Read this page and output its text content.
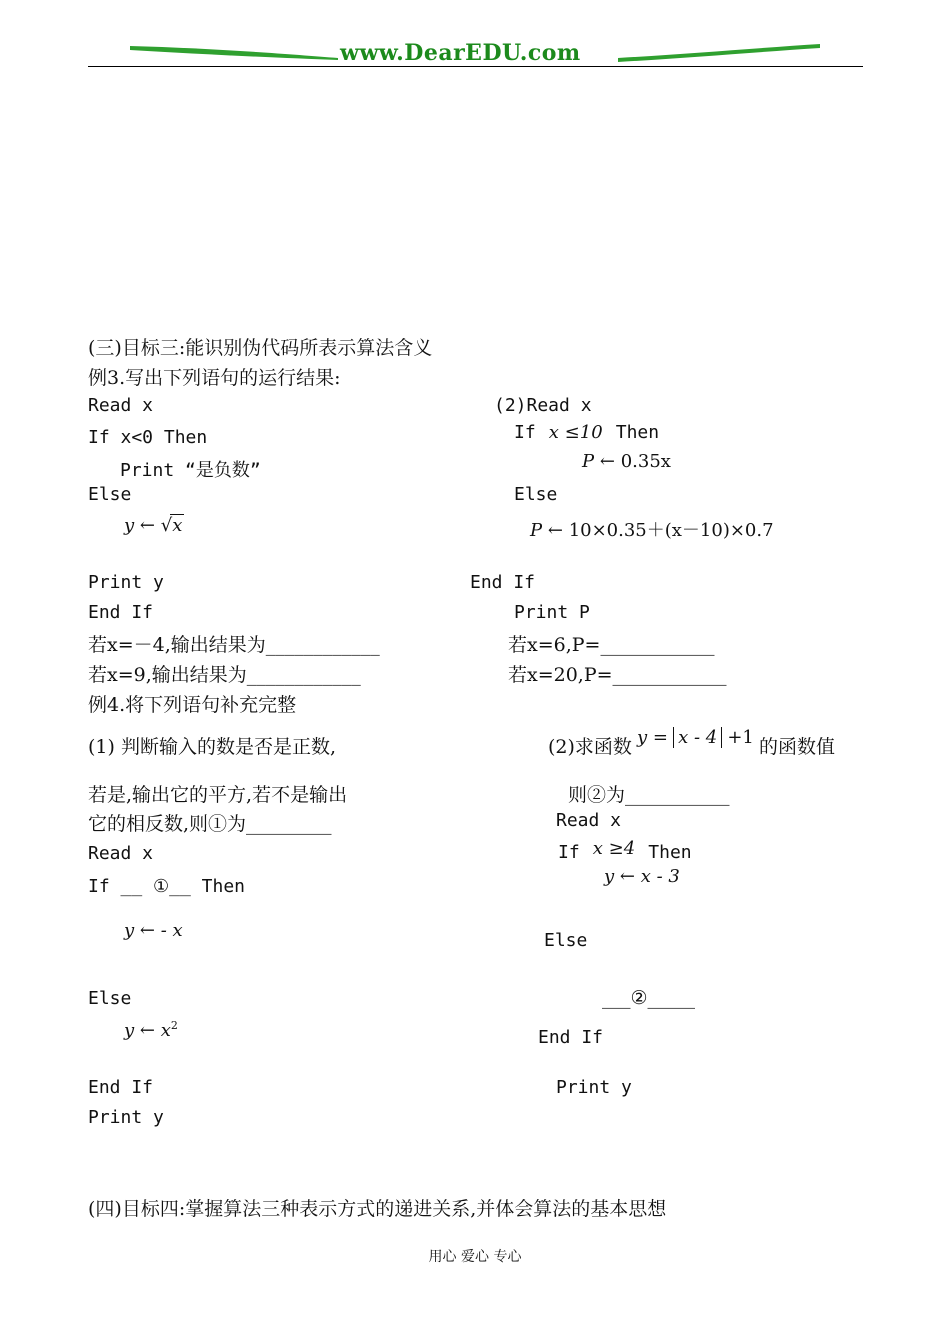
www.DearEDU.com
(三)目标三:能识别伪代码所表示算法含义
例3.写出下列语句的运行结果:
Read x
If x<0 Then
Print “是负数”
Else
y ← √x
Print y
End If
若x=－4,输出结果为____________
若x=9,输出结果为____________
(2)Read x
If x ≤10 Then
P ← 0.35x
Else
P ← 10×0.35＋(x－10)×0.7
End If
Print P
若x=6,P=____________
若x=20,P=____________
例4.将下列语句补充完整
(1) 判断输入的数是否是正数,
若是,输出它的平方,若不是输出
它的相反数,则①为_________
Read x
If __ ①__ Then
y ← - x
Else
y ← $x^2$
End If
Print y
(2)求函数 y = x - 4 +1 的函数值
则②为___________
Read x
If x ≥4 Then
y ← x - 3
Else
___②_____
End If
Print y
(四)目标四:掌握算法三种表示方式的递进关系,并体会算法的基本思想
用心 爱心 专心
